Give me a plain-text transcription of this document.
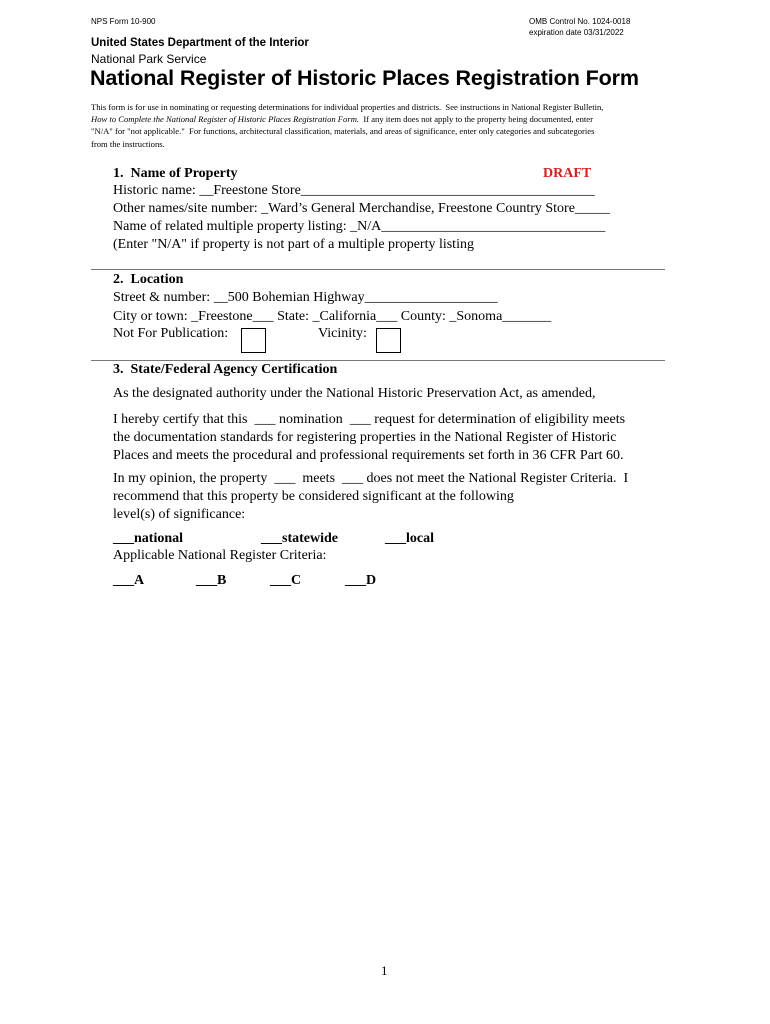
NPS Form 10-900	OMB Control No. 1024-0018
expiration date 03/31/2022
United States Department of the Interior
National Park Service
National Register of Historic Places Registration Form
This form is for use in nominating or requesting determinations for individual properties and districts.  See instructions in National Register Bulletin,
How to Complete the National Register of Historic Places Registration Form.  If any item does not apply to the property being documented, enter
"N/A" for "not applicable."  For functions, architectural classification, materials, and areas of significance, enter only categories and subcategories
from the instructions.
1.  Name of Property	DRAFT
Historic name: __Freestone Store__________________________________________
Other names/site number: _Ward’s General Merchandise, Freestone Country Store_____
Name of related multiple property listing: _N/A________________________________
(Enter "N/A" if property is not part of a multiple property listing
2.  Location
Street & number: __500 Bohemian Highway___________________
City or town: _Freestone___ State: _California___ County: _Sonoma_______
Not For Publication:	Vicinity:
3.  State/Federal Agency Certification
As the designated authority under the National Historic Preservation Act, as amended,
I hereby certify that this  ___ nomination  ___ request for determination of eligibility meets
the documentation standards for registering properties in the National Register of Historic
Places and meets the procedural and professional requirements set forth in 36 CFR Part 60.
In my opinion, the property  ___  meets  ___ does not meet the National Register Criteria.  I
recommend that this property be considered significant at the following
level(s) of significance:
___national	___statewide	___local
Applicable National Register Criteria:
___A	___B	___C	___D
1
